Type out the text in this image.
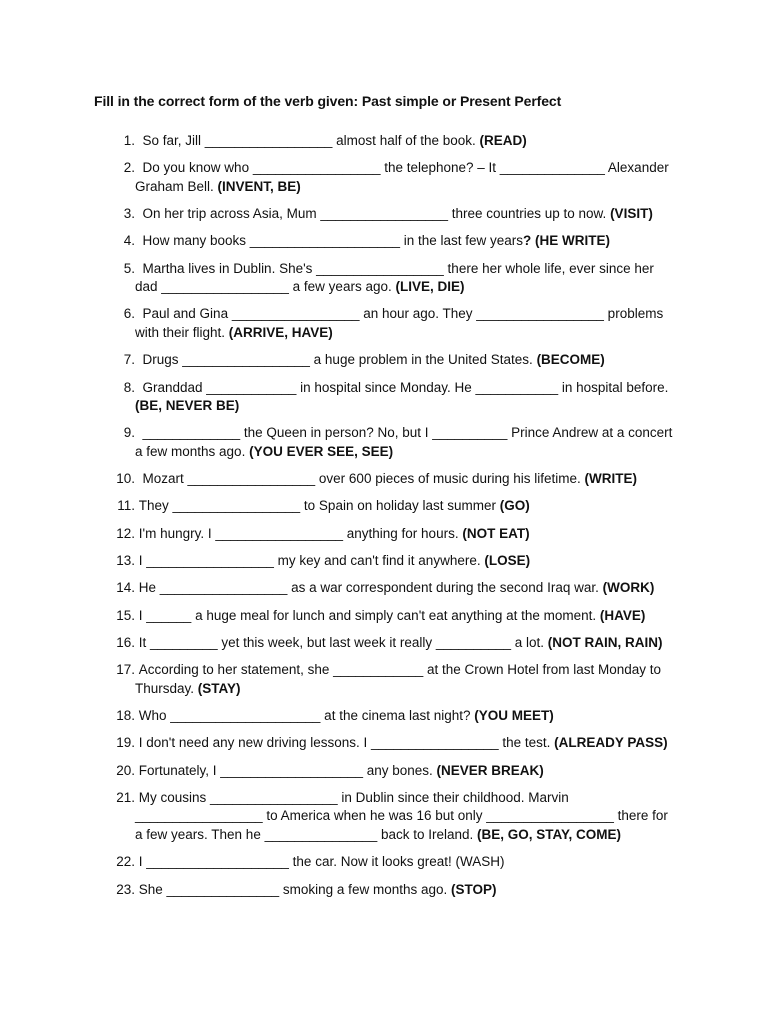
Fill in the correct form of the verb given: Past simple or Present Perfect
1. So far, Jill _________________ almost half of the book. (READ)
2. Do you know who _________________ the telephone? – It ______________ Alexander Graham Bell. (INVENT, BE)
3. On her trip across Asia, Mum _________________ three countries up to now. (VISIT)
4. How many books ____________________ in the last few years? (HE WRITE)
5. Martha lives in Dublin. She's _________________ there her whole life, ever since her dad _________________ a few years ago. (LIVE, DIE)
6. Paul and Gina _________________ an hour ago. They _________________ problems with their flight. (ARRIVE, HAVE)
7. Drugs _________________ a huge problem in the United States. (BECOME)
8. Granddad ____________ in hospital since Monday. He ___________ in hospital before. (BE, NEVER BE)
9. _____________ the Queen in person? No, but I __________ Prince Andrew at a concert a few months ago. (YOU EVER SEE, SEE)
10. Mozart _________________ over 600 pieces of music during his lifetime. (WRITE)
11. They _________________ to Spain on holiday last summer (GO)
12. I'm hungry. I _________________ anything for hours. (NOT EAT)
13. I _________________ my key and can't find it anywhere. (LOSE)
14. He _________________ as a war correspondent during the second Iraq war. (WORK)
15. I ______ a huge meal for lunch and simply can't eat anything at the moment. (HAVE)
16. It _________ yet this week, but last week it really __________ a lot. (NOT RAIN, RAIN)
17. According to her statement, she ____________ at the Crown Hotel from last Monday to Thursday. (STAY)
18. Who ____________________ at the cinema last night? (YOU MEET)
19. I don't need any new driving lessons. I _________________ the test. (ALREADY PASS)
20. Fortunately, I ___________________ any bones. (NEVER BREAK)
21. My cousins _________________ in Dublin since their childhood. Marvin _________________ to America when he was 16 but only _________________ there for a few years. Then he _______________ back to Ireland. (BE, GO, STAY, COME)
22. I ___________________ the car. Now it looks great! (WASH)
23. She _______________ smoking a few months ago. (STOP)
